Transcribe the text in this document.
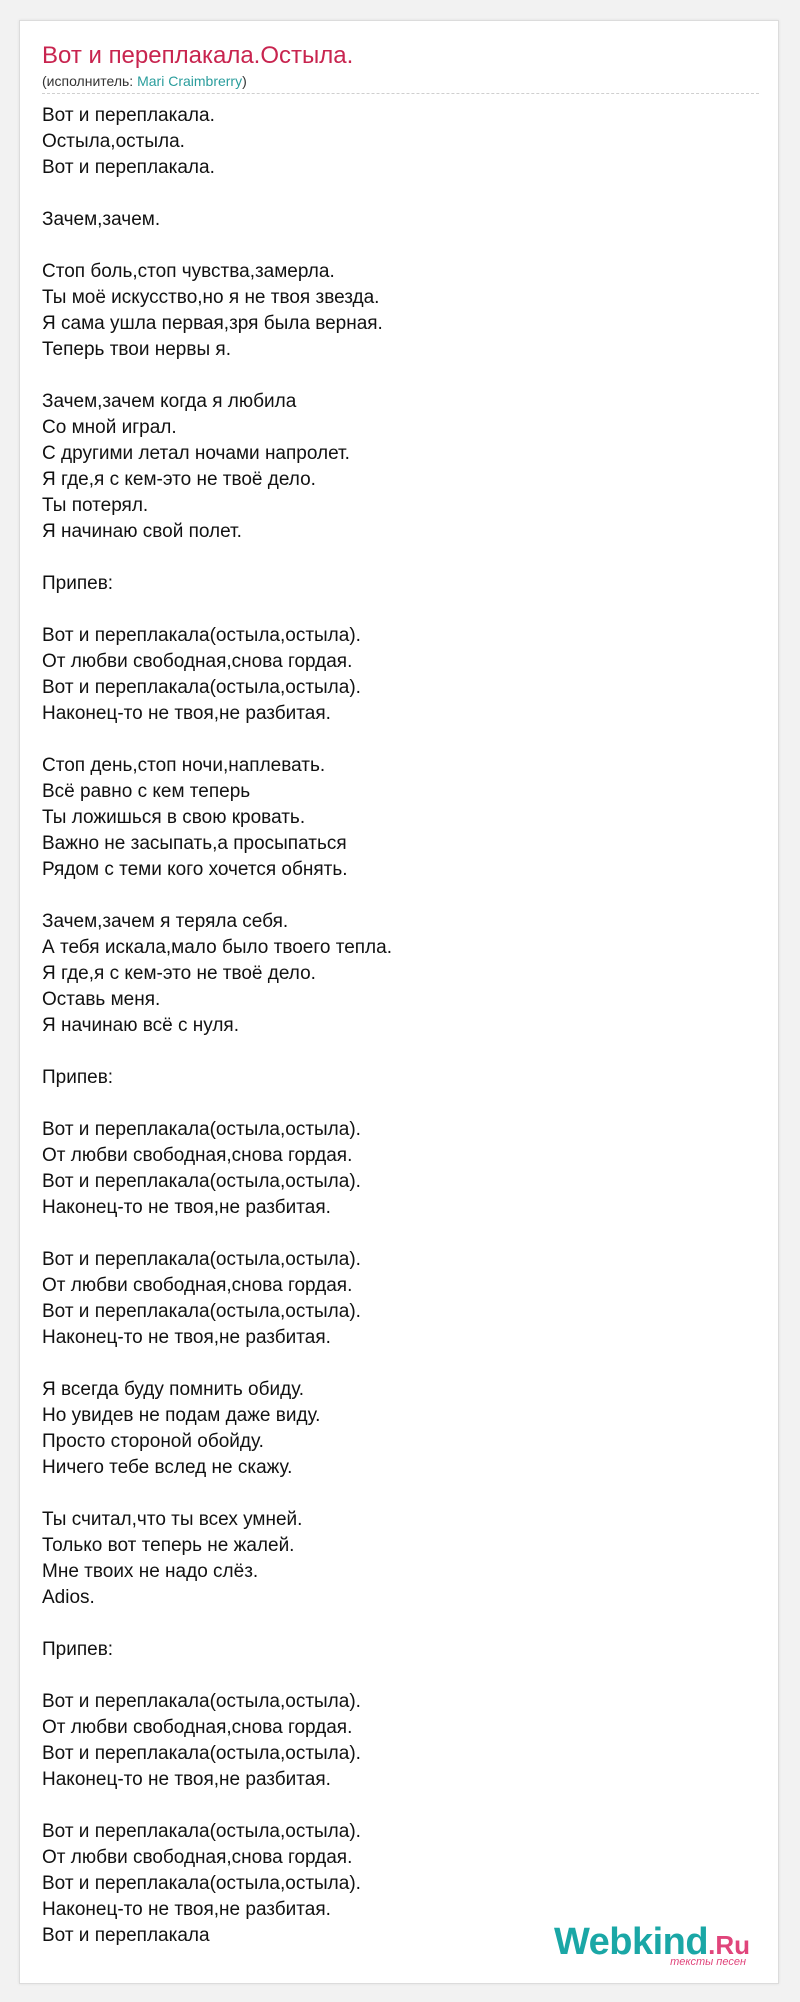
Вот и переплакала.Остыла.
(исполнитель: Mari Craimbrerry)
Вот и переплакала.
Остыла,остыла.
Вот и переплакала.
Зачем,зачем.
Стоп боль,стоп чувства,замерла.
Ты моё искусство,но я не твоя звезда.
Я сама ушла первая,зря была верная.
Теперь твои нервы я.
Зачем,зачем когда я любила
Со мной играл.
С другими летал ночами напролет.
Я где,я с кем-это не твоё дело.
Ты потерял.
Я начинаю свой полет.
Припев:
Вот и переплакала(остыла,остыла).
От любви свободная,снова гордая.
Вот и переплакала(остыла,остыла).
Наконец-то не твоя,не разбитая.
Стоп день,стоп ночи,наплевать.
Всё равно с кем теперь
Ты ложишься в свою кровать.
Важно не засыпать,а просыпаться
Рядом с теми кого хочется обнять.
Зачем,зачем я теряла себя.
А тебя искала,мало было твоего тепла.
Я где,я с кем-это не твоё дело.
Оставь меня.
Я начинаю всё с нуля.
Припев:
Вот и переплакала(остыла,остыла).
От любви свободная,снова гордая.
Вот и переплакала(остыла,остыла).
Наконец-то не твоя,не разбитая.
Вот и переплакала(остыла,остыла).
От любви свободная,снова гордая.
Вот и переплакала(остыла,остыла).
Наконец-то не твоя,не разбитая.
Я всегда буду помнить обиду.
Но увидев не подам даже виду.
Просто стороной обойду.
Ничего тебе вслед не скажу.
Ты считал,что ты всех умней.
Только вот теперь не жалей.
Мне твоих не надо слёз.
Adios.
Припев:
Вот и переплакала(остыла,остыла).
От любви свободная,снова гордая.
Вот и переплакала(остыла,остыла).
Наконец-то не твоя,не разбитая.
Вот и переплакала(остыла,остыла).
От любви свободная,снова гордая.
Вот и переплакала(остыла,остыла).
Наконец-то не твоя,не разбитая.
Вот и переплакала	Webkind.Ru
тексты песен
